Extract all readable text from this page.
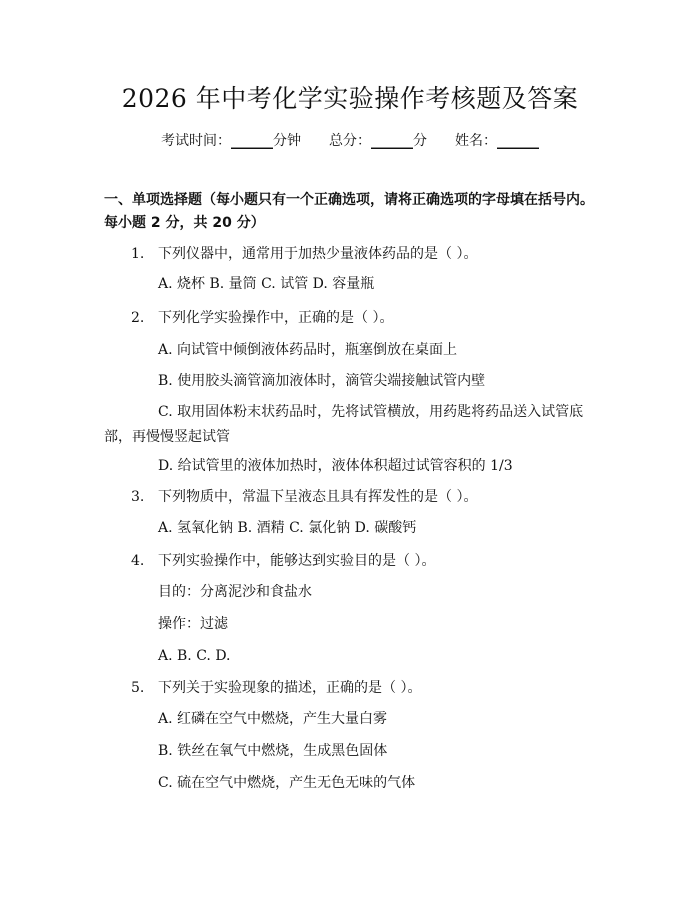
2026 年中考化学实验操作考核题及答案
考试时间：______分钟 总分：______分 姓名：______
一、单项选择题（每小题只有一个正确选项，请将正确选项的字母填在括号内。每小题 2 分，共 20 分）
1. 下列仪器中，通常用于加热少量液体药品的是（ ）。
A. 烧杯 B. 量筒 C. 试管 D. 容量瓶
2. 下列化学实验操作中，正确的是（ ）。
A. 向试管中倾倒液体药品时，瓶塞倒放在桌面上
B. 使用胶头滴管滴加液体时，滴管尖端接触试管内壁
C. 取用固体粉末状药品时，先将试管横放，用药匙将药品送入试管底部，再慢慢竖起试管
D. 给试管里的液体加热时，液体体积超过试管容积的 1/3
3. 下列物质中，常温下呈液态且具有挥发性的是（ ）。
A. 氢氧化钠 B. 酒精 C. 氯化钠 D. 碳酸钙
4. 下列实验操作中，能够达到实验目的是（ ）。
目的：分离泥沙和食盐水
操作：过滤
A. B. C. D.
5. 下列关于实验现象的描述，正确的是（ ）。
A. 红磷在空气中燃烧，产生大量白雾
B. 铁丝在氧气中燃烧，生成黑色固体
C. 硫在空气中燃烧，产生无色无味的气体
